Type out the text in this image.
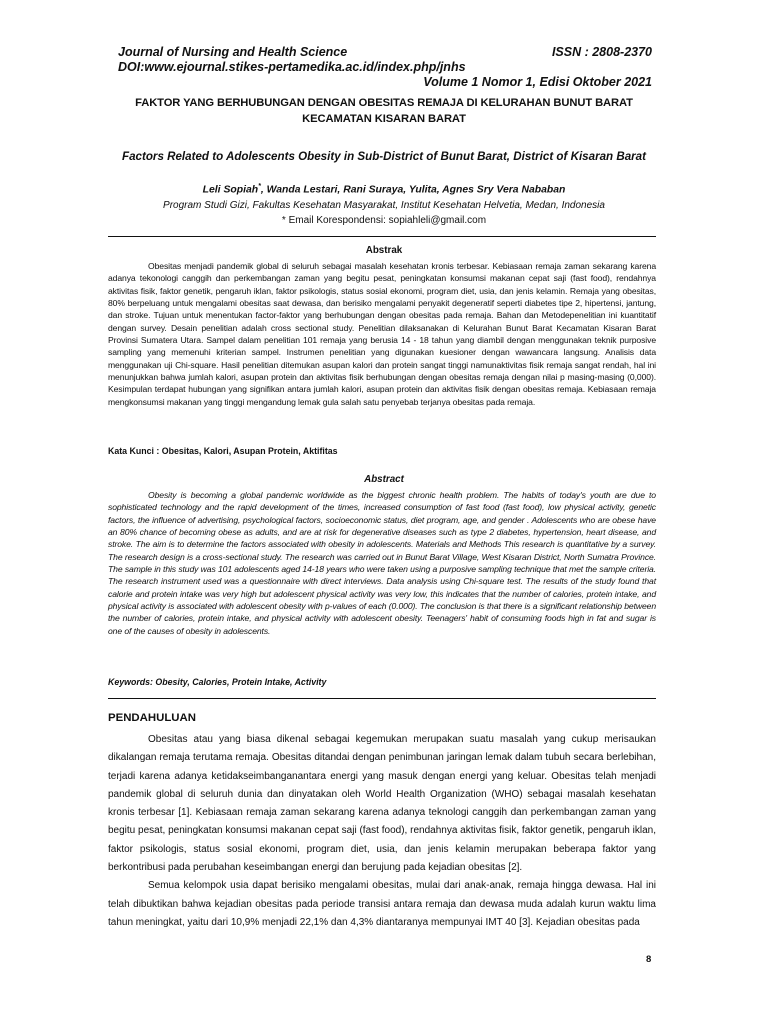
Journal of Nursing and Health Science	ISSN : 2808-2370
DOI:www.ejournal.stikes-pertamedika.ac.id/index.php/jnhs
Volume 1 Nomor 1, Edisi Oktober 2021
FAKTOR YANG BERHUBUNGAN DENGAN OBESITAS REMAJA DI KELURAHAN BUNUT BARAT KECAMATAN KISARAN BARAT
Factors Related to Adolescents Obesity in Sub-District of Bunut Barat, District of Kisaran Barat
Leli Sopiah*, Wanda Lestari, Rani Suraya, Yulita, Agnes Sry Vera Nababan
Program Studi Gizi, Fakultas Kesehatan Masyarakat, Institut Kesehatan Helvetia, Medan, Indonesia
* Email Korespondensi: sopiahleli@gmail.com
Abstrak

Obesitas menjadi pandemik global di seluruh sebagai masalah kesehatan kronis terbesar. Kebiasaan remaja zaman sekarang karena adanya tekonologi canggih dan perkembangan zaman yang begitu pesat, peningkatan konsumsi makanan cepat saji (fast food), rendahnya aktivitas fisik, faktor genetik, pengaruh iklan, faktor psikologis, status sosial ekonomi, program diet, usia, dan jenis kelamin. Remaja yang obesitas, 80% berpeluang untuk mengalami obesitas saat dewasa, dan berisiko mengalami penyakit degeneratif seperti diabetes tipe 2, hipertensi, jantung, dan stroke. Tujuan untuk menentukan factor-faktor yang berhubungan dengan obesitas pada remaja. Bahan dan Metodepenelitian ini kuantitatif dengan survey. Desain penelitian adalah cross sectional study. Penelitian dilaksanakan di Kelurahan Bunut Barat Kecamatan Kisaran Barat Provinsi Sumatera Utara. Sampel dalam penelitian 101 remaja yang berusia 14 - 18 tahun yang diambil dengan menggunakan teknik purposive sampling yang memenuhi kriterian sampel. Instrumen penelitian yang digunakan kuesioner dengan wawancara langsung. Analisis data menggunakan uji Chi-square. Hasil penelitian ditemukan asupan kalori dan protein sangat tinggi namunaktivitas fisik remaja sangat rendah, hal ini menunjukkan bahwa jumlah kalori, asupan protein dan aktivitas fisik berhubungan dengan obesitas remaja dengan nilai p masing-masing (0,000). Kesimpulan terdapat hubungan yang signifikan antara jumlah kalori, asupan protein dan aktivitas fisik dengan obesitas remaja. Kebiasaan remaja mengkonsumsi makanan yang tinggi mengandung lemak gula salah satu penyebab terjanya obesitas pada remaja.

Kata Kunci : Obesitas, Kalori, Asupan Protein, Aktifitas
Abstract

Obesity is becoming a global pandemic worldwide as the biggest chronic health problem. The habits of today's youth are due to sophisticated technology and the rapid development of the times, increased consumption of fast food (fast food), low physical activity, genetic factors, the influence of advertising, psychological factors, socioeconomic status, diet program, age, and gender . Adolescents who are obese have an 80% chance of becoming obese as adults, and are at risk for degenerative diseases such as type 2 diabetes, hypertension, heart disease, and stroke. The aim is to determine the factors associated with obesity in adolescents. Materials and Methods This research is quantitative by a survey. The research design is a cross-sectional study. The research was carried out in Bunut Barat Village, West Kisaran District, North Sumatra Province. The sample in this study was 101 adolescents aged 14-18 years who were taken using a purposive sampling technique that met the sample criteria. The research instrument used was a questionnaire with direct interviews. Data analysis using Chi-square test. The results of the study found that calorie and protein intake was very high but adolescent physical activity was very low, this indicates that the number of calories, protein intake, and physical activity is associated with adolescent obesity with p-values of each (0.000). The conclusion is that there is a significant relationship between the number of calories, protein intake, and physical activity with adolescent obesity. Teenagers' habit of consuming foods high in fat and sugar is one of the causes of obesity in adolescents.

Keywords: Obesity, Calories, Protein Intake, Activity
PENDAHULUAN

Obesitas atau yang biasa dikenal sebagai kegemukan merupakan suatu masalah yang cukup merisaukan dikalangan remaja terutama remaja. Obesitas ditandai dengan penimbunan jaringan lemak dalam tubuh secara berlebihan, terjadi karena adanya ketidakseimbanganantara energi yang masuk dengan energi yang keluar. Obesitas telah menjadi pandemik global di seluruh dunia dan dinyatakan oleh World Health Organization (WHO) sebagai masalah kesehatan kronis terbesar [1]. Kebiasaan remaja zaman sekarang karena adanya teknologi canggih dan perkembangan zaman yang begitu pesat, peningkatan konsumsi makanan cepat saji (fast food), rendahnya aktivitas fisik, faktor genetik, pengaruh iklan, faktor psikologis, status sosial ekonomi, program diet, usia, dan jenis kelamin merupakan beberapa faktor yang berkontribusi pada perubahan keseimbangan energi dan berujung pada kejadian obesitas [2].

Semua kelompok usia dapat berisiko mengalami obesitas, mulai dari anak-anak, remaja hingga dewasa. Hal ini telah dibuktikan bahwa kejadian obesitas pada periode transisi antara remaja dan dewasa muda adalah kurun waktu lima tahun meningkat, yaitu dari 10,9% menjadi 22,1% dan 4,3% diantaranya mempunyai IMT 40 [3]. Kejadian obesitas pada

8
